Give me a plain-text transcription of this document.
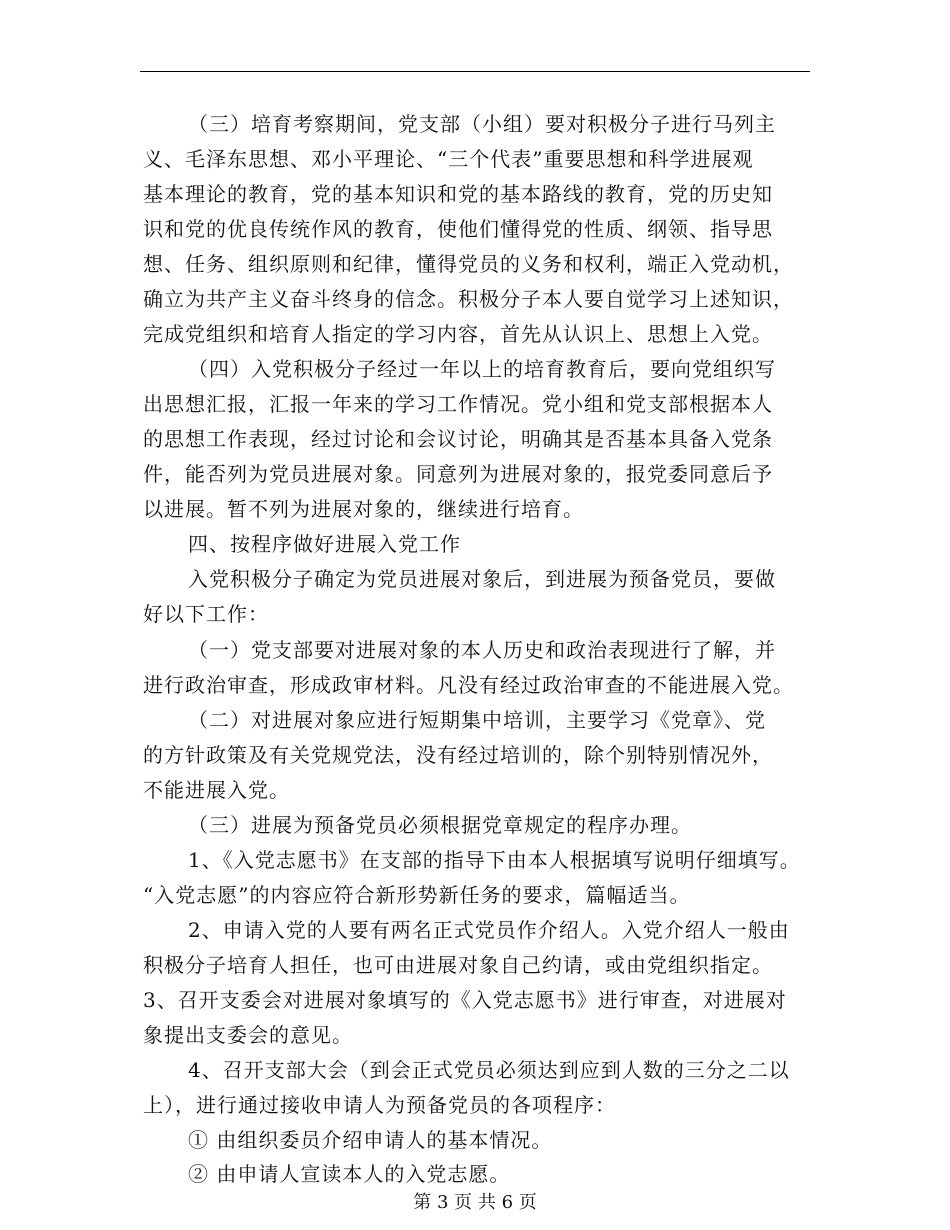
（三）培育考察期间，党支部（小组）要对积极分子进行马列主
义、毛泽东思想、邓小平理论、“三个代表”重要思想和科学进展观
基本理论的教育，党的基本知识和党的基本路线的教育，党的历史知
识和党的优良传统作风的教育，使他们懂得党的性质、纲领、指导思
想、任务、组织原则和纪律，懂得党员的义务和权利，端正入党动机，
确立为共产主义奋斗终身的信念。积极分子本人要自觉学习上述知识，
完成党组织和培育人指定的学习内容，首先从认识上、思想上入党。
（四）入党积极分子经过一年以上的培育教育后，要向党组织写
出思想汇报，汇报一年来的学习工作情况。党小组和党支部根据本人
的思想工作表现，经过讨论和会议讨论，明确其是否基本具备入党条
件，能否列为党员进展对象。同意列为进展对象的，报党委同意后予
以进展。暂不列为进展对象的，继续进行培育。
四、按程序做好进展入党工作
入党积极分子确定为党员进展对象后，到进展为预备党员，要做
好以下工作：
（一）党支部要对进展对象的本人历史和政治表现进行了解，并
进行政治审查，形成政审材料。凡没有经过政治审查的不能进展入党。
（二）对进展对象应进行短期集中培训，主要学习《党章》、党
的方针政策及有关党规党法，没有经过培训的，除个别特别情况外，
不能进展入党。
（三）进展为预备党员必须根据党章规定的程序办理。
1、《入党志愿书》在支部的指导下由本人根据填写说明仔细填写。
“入党志愿”的内容应符合新形势新任务的要求，篇幅适当。
2、申请入党的人要有两名正式党员作介绍人。入党介绍人一般由
积极分子培育人担任，也可由进展对象自己约请，或由党组织指定。
3、召开支委会对进展对象填写的《入党志愿书》进行审查，对进展对
象提出支委会的意见。
4、召开支部大会（到会正式党员必须达到应到人数的三分之二以
上），进行通过接收申请人为预备党员的各项程序：
① 由组织委员介绍申请人的基本情况。
② 由申请人宣读本人的入党志愿。
第 3 页 共 6 页
